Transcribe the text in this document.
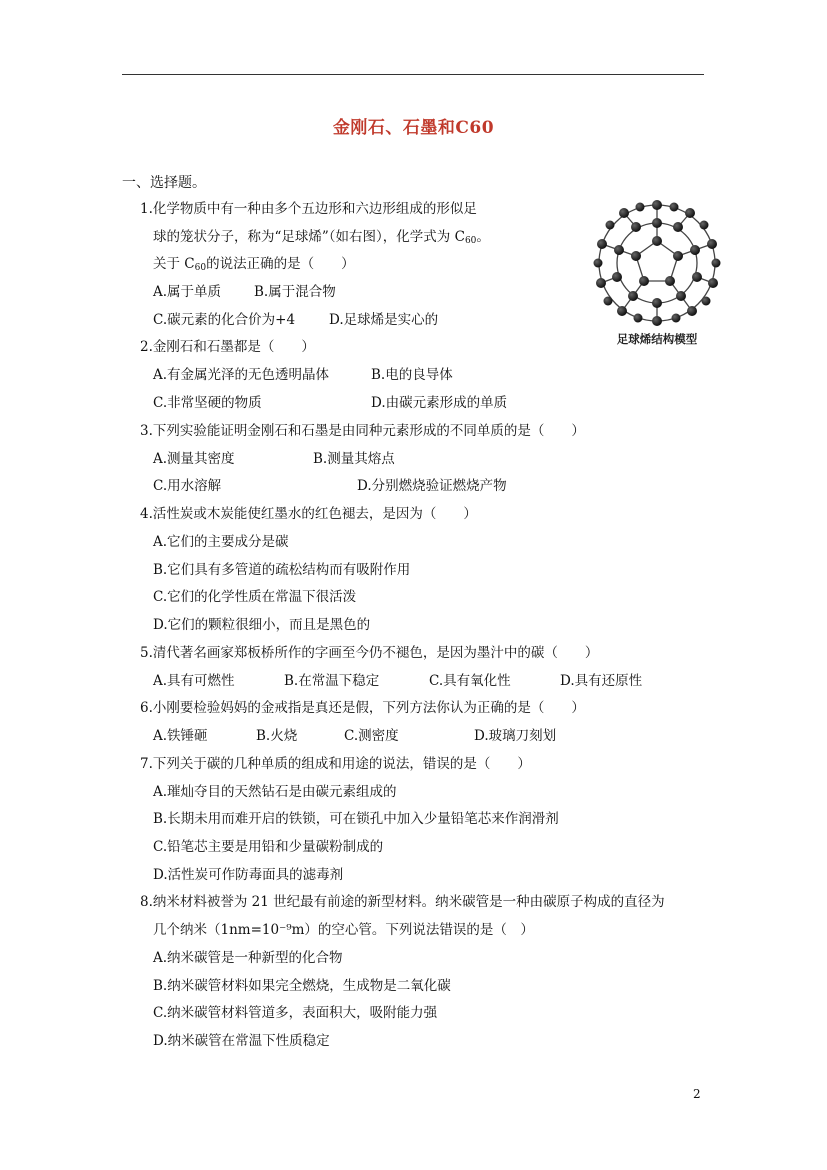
金刚石、石墨和C60
一、选择题。
足球烯结构模型
1.化学物质中有一种由多个五边形和六边形组成的形似足
球的笼状分子，称为“足球烯”（如右图），化学式为 $C_{60}$。
关于 $C_{60}$的说法正确的是（　　）
A.属于单质 B.属于混合物
C.碳元素的化合价为+4	D.足球烯是实心的
2.金刚石和石墨都是（　　）
A.有金属光泽的无色透明晶体	B.电的良导体
C.非常坚硬的物质	D.由碳元素形成的单质
3.下列实验能证明金刚石和石墨是由同种元素形成的不同单质的是（　　）
A.测量其密度	B.测量其熔点
C.用水溶解	D.分别燃烧验证燃烧产物
4.活性炭或木炭能使红墨水的红色褪去，是因为（　　）
A.它们的主要成分是碳
B.它们具有多管道的疏松结构而有吸附作用
C.它们的化学性质在常温下很活泼
D.它们的颗粒很细小，而且是黑色的
5.清代著名画家郑板桥所作的字画至今仍不褪色，是因为墨汁中的碳（　　）
A.具有可燃性	B.在常温下稳定	C.具有氧化性	D.具有还原性
6.小刚要检验妈妈的金戒指是真还是假，下列方法你认为正确的是（　　）
A.铁锤砸	B.火烧	C.测密度	D.玻璃刀刻划
7.下列关于碳的几种单质的组成和用途的说法，错误的是（　　）
A.璀灿夺目的天然钻石是由碳元素组成的
B.长期未用而难开启的铁锁，可在锁孔中加入少量铅笔芯来作润滑剂
C.铅笔芯主要是用铅和少量碳粉制成的
D.活性炭可作防毒面具的滤毒剂
8.纳米材料被誉为 21 世纪最有前途的新型材料。纳米碳管是一种由碳原子构成的直径为
几个纳米（1nm=10⁻⁹m）的空心管。下列说法错误的是（　）
A.纳米碳管是一种新型的化合物
B.纳米碳管材料如果完全燃烧，生成物是二氧化碳
C.纳米碳管材料管道多，表面积大，吸附能力强
D.纳米碳管在常温下性质稳定
2
